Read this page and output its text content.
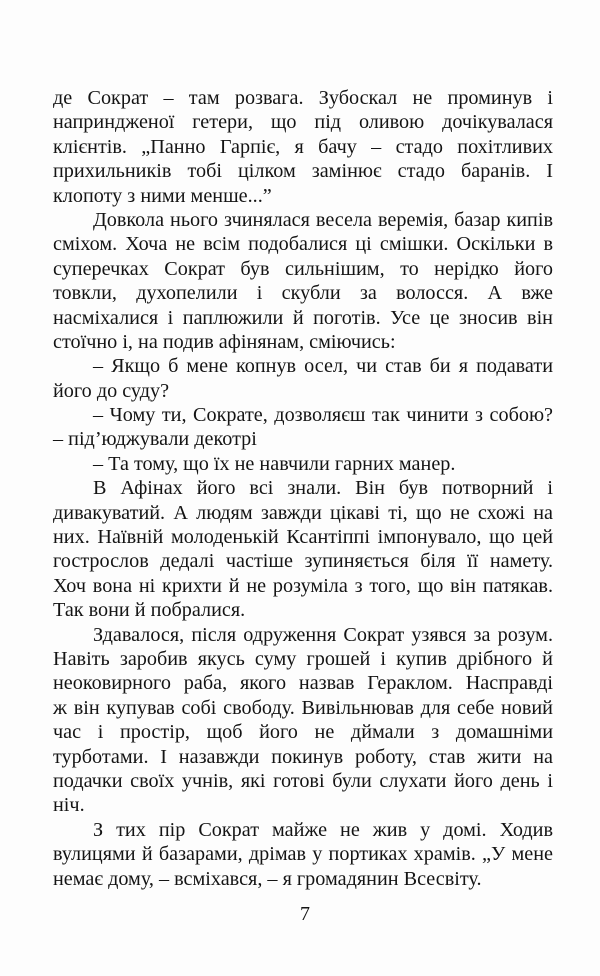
де Сократ – там розвага. Зубоскал не проминув і
наприндженої гетери, що під оливою дочікувалася
клієнтів. „Панно Гарпіє, я бачу – стадо похітливих
прихильників тобі цілком замінює стадо баранів. І
клопоту з ними менше...”
Довкола нього зчинялася весела веремія, базар кипів
сміхом. Хоча не всім подобалися ці смішки. Оскільки в
суперечках Сократ був сильнішим, то нерідко його
товкли, духопелили і скубли за волосся. А вже
насміхалися і паплюжили й поготів. Усе це зносив він
стоїчно і, на подив афінянам, сміючись:
– Якщо б мене копнув осел, чи став би я подавати
його до суду?
– Чому ти, Сократе, дозволяєш так чинити з собою?
– під’юджували декотрі
– Та тому, що їх не навчили гарних манер.
В Афінах його всі знали. Він був потворний і
дивакуватий. А людям завжди цікаві ті, що не схожі на
них. Наївній молоденькій Ксантіппі імпонувало, що цей
гострослов дедалі частіше зупиняється біля її намету.
Хоч вона ні крихти й не розуміла з того, що він патякав.
Так вони й побралися.
Здавалося, після одруження Сократ узявся за розум.
Навіть заробив якусь суму грошей і купив дрібного й
неоковирного раба, якого назвав Гераклом. Насправді
ж він купував собі свободу. Вивільнював для себе новий
час і простір, щоб його не дймали з домашніми
турботами. І назавжди покинув роботу, став жити на
подачки своїх учнів, які готові були слухати його день і
ніч.
З тих пір Сократ майже не жив у домі. Ходив
вулицями й базарами, дрімав у портиках храмів. „У мене
немає дому, – всміхався, – я громадянин Всесвіту.
7
